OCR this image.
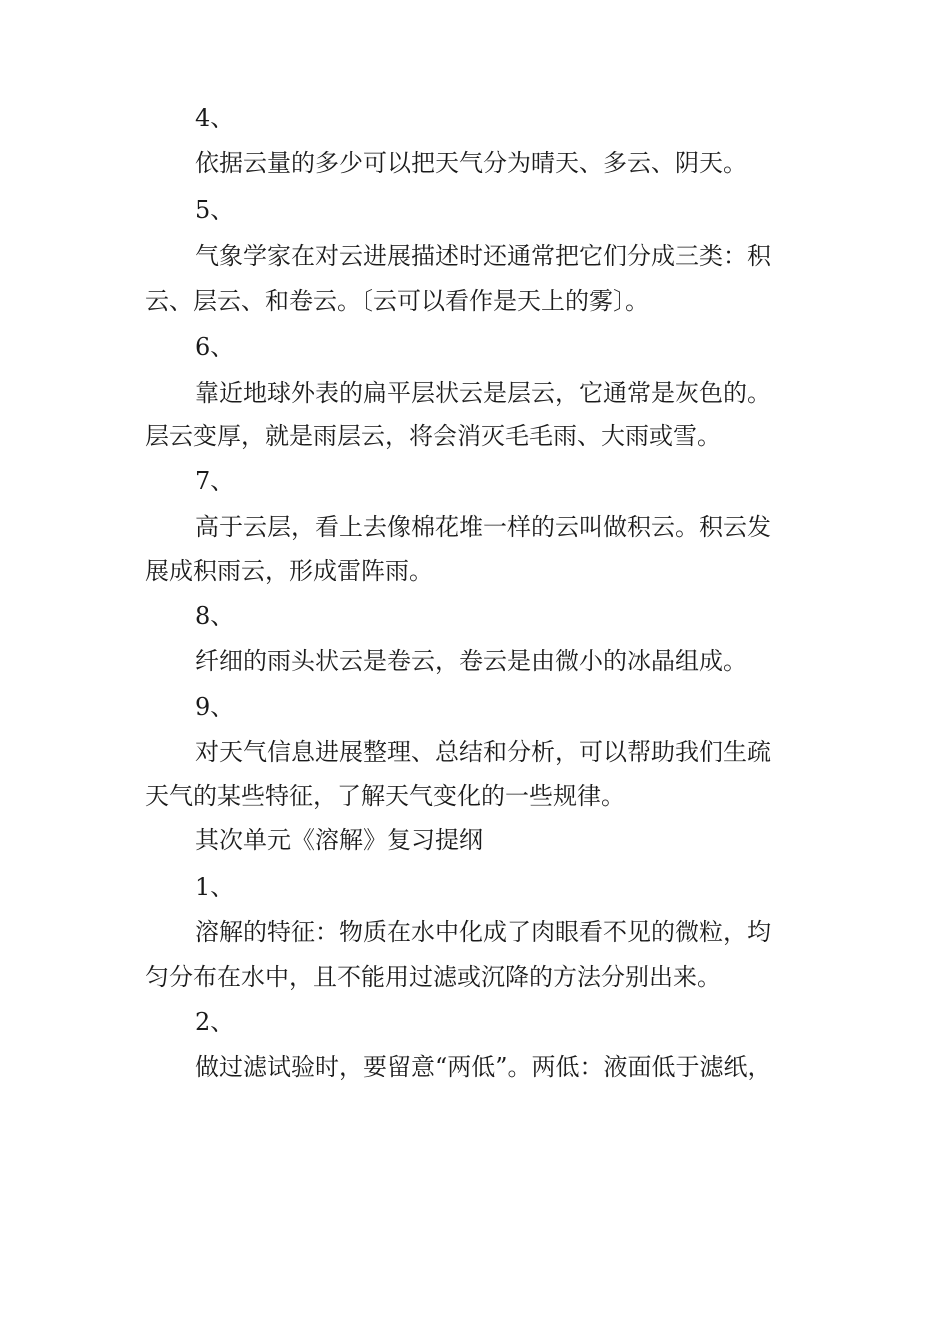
4、
依据云量的多少可以把天气分为晴天、多云、阴天。
5、
气象学家在对云进展描述时还通常把它们分成三类：积
云、层云、和卷云。〔云可以看作是天上的雾〕。
6、
靠近地球外表的扁平层状云是层云，它通常是灰色的。
层云变厚，就是雨层云，将会消灭毛毛雨、大雨或雪。
7、
高于云层，看上去像棉花堆一样的云叫做积云。积云发
展成积雨云，形成雷阵雨。
8、
纤细的雨头状云是卷云，卷云是由微小的冰晶组成。
9、
对天气信息进展整理、总结和分析，可以帮助我们生疏
天气的某些特征，了解天气变化的一些规律。
其次单元《溶解》复习提纲
1、
溶解的特征：物质在水中化成了肉眼看不见的微粒，均
匀分布在水中，且不能用过滤或沉降的方法分别出来。
2、
做过滤试验时，要留意“两低”。两低：液面低于滤纸，
